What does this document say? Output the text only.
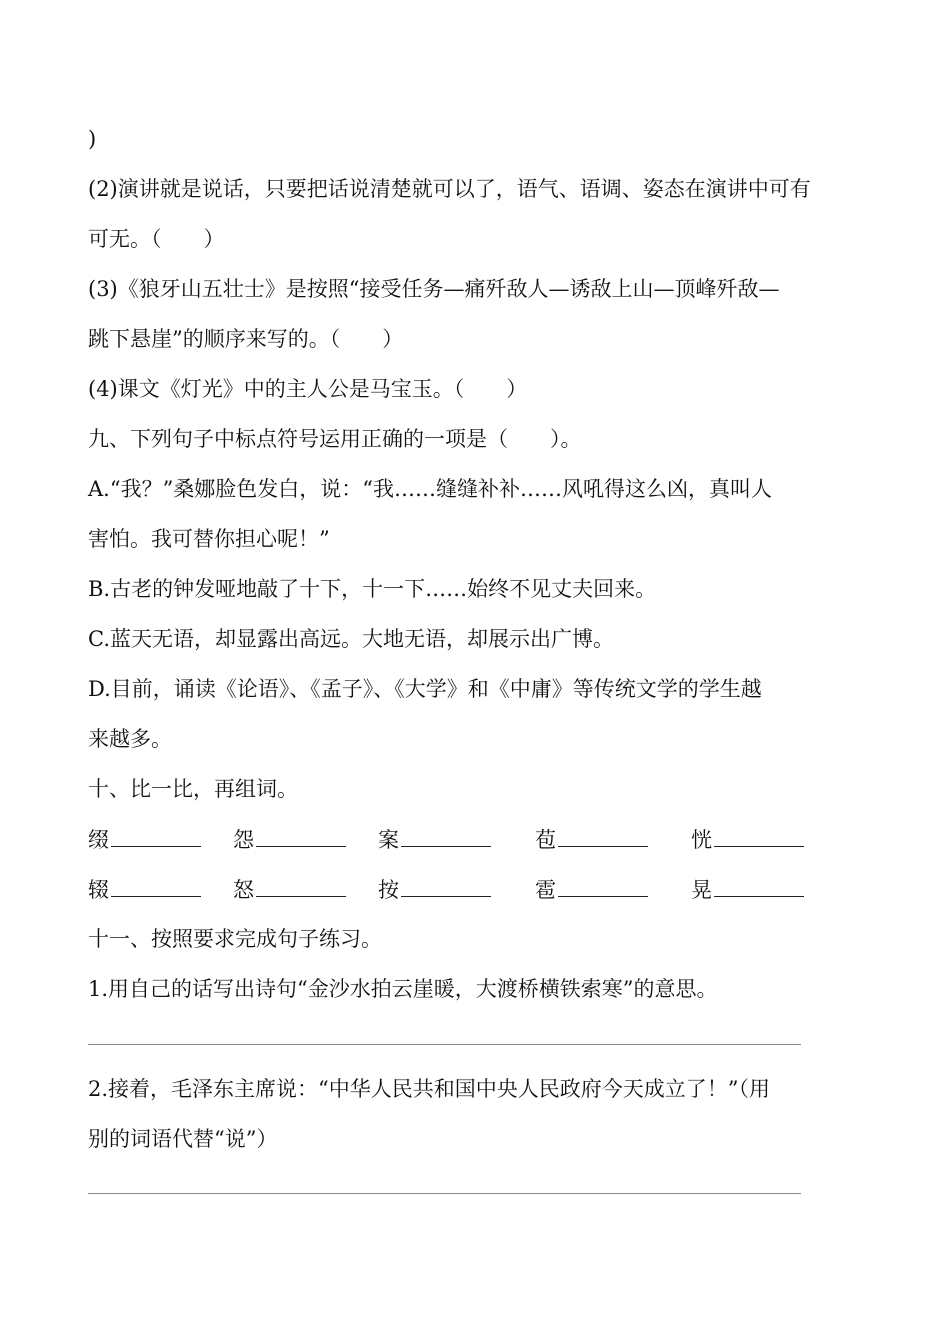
)
(2)演讲就是说话，只要把话说清楚就可以了，语气、语调、姿态在演讲中可有
可无。（　　）
(3)《狼牙山五壮士》是按照“接受任务—痛歼敌人—诱敌上山—顶峰歼敌—
跳下悬崖”的顺序来写的。（　　）
(4)课文《灯光》中的主人公是马宝玉。（　　）
九、下列句子中标点符号运用正确的一项是（　　）。
A.“我？”桑娜脸色发白，说：“我……缝缝补补……风吼得这么凶，真叫人
害怕。我可替你担心呢！”
B.古老的钟发哑地敲了十下，十一下……始终不见丈夫回来。
C.蓝天无语，却显露出高远。大地无语，却展示出广博。
D.目前，诵读《论语》、《孟子》、《大学》和《中庸》等传统文学的学生越
来越多。
十、比一比，再组词。
缀	怨	案	苞	恍
辍	怒	按	雹	晃
十一、按照要求完成句子练习。
1.用自己的话写出诗句“金沙水拍云崖暖，大渡桥横铁索寒”的意思。
2.接着，毛泽东主席说：“中华人民共和国中央人民政府今天成立了！”（用
别的词语代替“说”）
